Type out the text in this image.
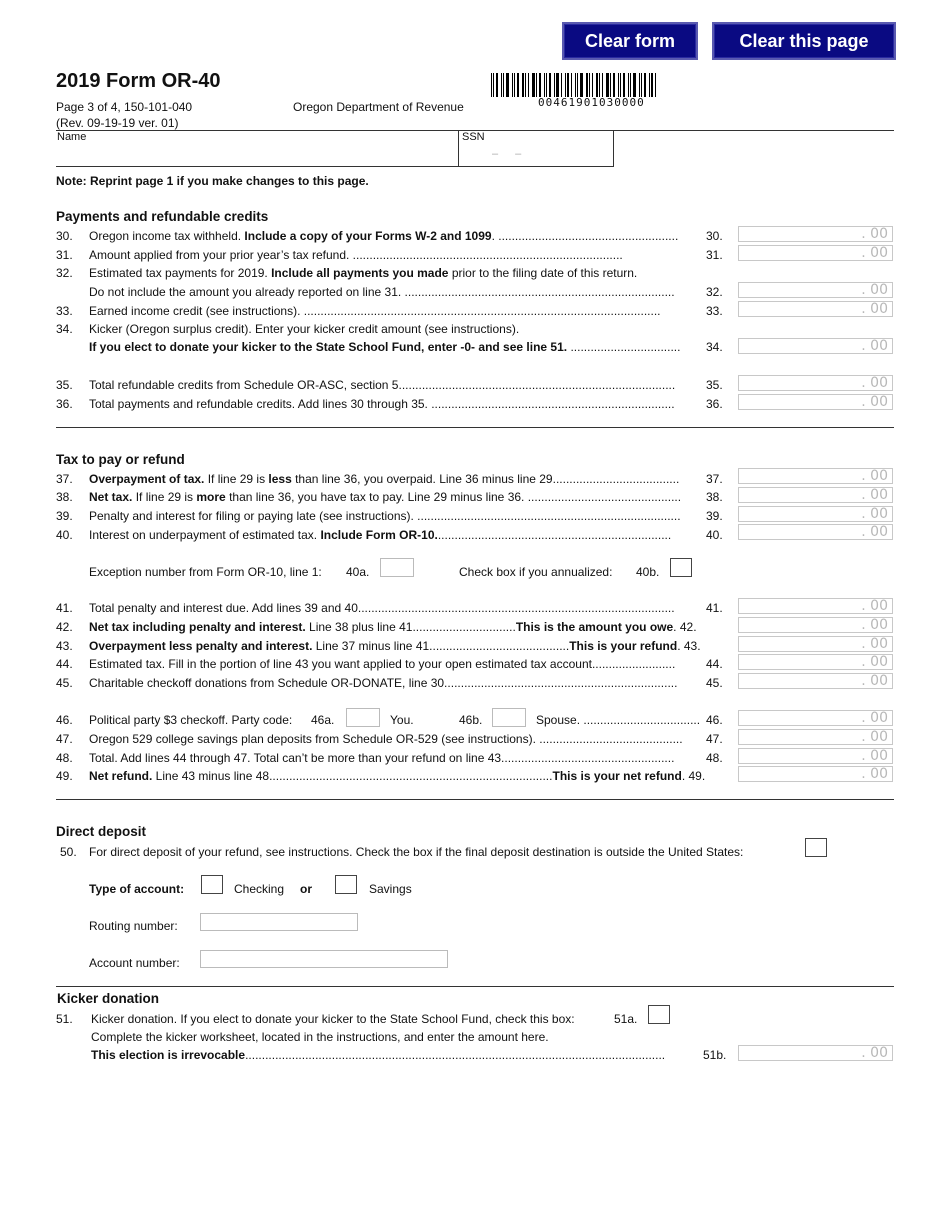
Clear form	Clear this page
2019 Form OR-40
Page 3 of 4, 150-101-040
(Rev. 09-19-19 ver. 01)
Oregon Department of Revenue	00461901030000
Name	SSN
– –
Note: Reprint page 1 if you make changes to this page.
Payments and refundable credits
30. Oregon income tax withheld. Include a copy of your Forms W-2 and 1099. ......................................................	30.	. 00
31. Amount applied from your prior year’s tax refund. .................................................................................	31.	. 00
32. Estimated tax payments for 2019. Include all payments you made prior to the filing date of this return.
Do not include the amount you already reported on line 31. .................................................................................	32.	. 00
33. Earned income credit (see instructions). ...........................................................................................................	33.	. 00
34. Kicker (Oregon surplus credit). Enter your kicker credit amount (see instructions).
If you elect to donate your kicker to the State School Fund, enter -0- and see line 51. .................................	34.	. 00
35. Total refundable credits from Schedule OR-ASC, section 5...................................................................................	35.	. 00
36. Total payments and refundable credits. Add lines 30 through 35. .........................................................................	36.	. 00
Tax to pay or refund
37. Overpayment of tax. If line 29 is less than line 36, you overpaid. Line 36 minus line 29......................................	37.	. 00
38. Net tax. If line 29 is more than line 36, you have tax to pay. Line 29 minus line 36. ..............................................	38.	. 00
39. Penalty and interest for filing or paying late (see instructions). ...............................................................................	39.	. 00
40. Interest on underpayment of estimated tax. Include Form OR-10.......................................................................	40.	. 00
Exception number from Form OR-10, line 1: 40a.	Check box if you annualized: 40b.
41. Total penalty and interest due. Add lines 39 and 40...............................................................................................	41.	. 00
42. Net tax including penalty and interest. Line 38 plus line 41...............................This is the amount you owe. 42.	. 00
43. Overpayment less penalty and interest. Line 37 minus line 41..........................................This is your refund. 43.	. 00
44. Estimated tax. Fill in the portion of line 43 you want applied to your open estimated tax account.........................	44.	. 00
45. Charitable checkoff donations from Schedule OR-DONATE, line 30......................................................................	45.	. 00
46. Political party $3 checkoff. Party code: 46a.	You.	46b.	Spouse. ................................... 46.	. 00
47. Oregon 529 college savings plan deposits from Schedule OR-529 (see instructions). ...........................................	47.	. 00
48. Total. Add lines 44 through 47. Total can’t be more than your refund on line 43....................................................	48.	. 00
49. Net refund. Line 43 minus line 48.....................................................................................This is your net refund. 49.	. 00
Direct deposit
50. For direct deposit of your refund, see instructions. Check the box if the final deposit destination is outside the United States:
Type of account:	Checking or	Savings
Routing number:
Account number:
Kicker donation
51. Kicker donation. If you elect to donate your kicker to the State School Fund, check this box:	51a.
Complete the kicker worksheet, located in the instructions, and enter the amount here.
This election is irrevocable..............................................................................................................................	51b.	. 00
